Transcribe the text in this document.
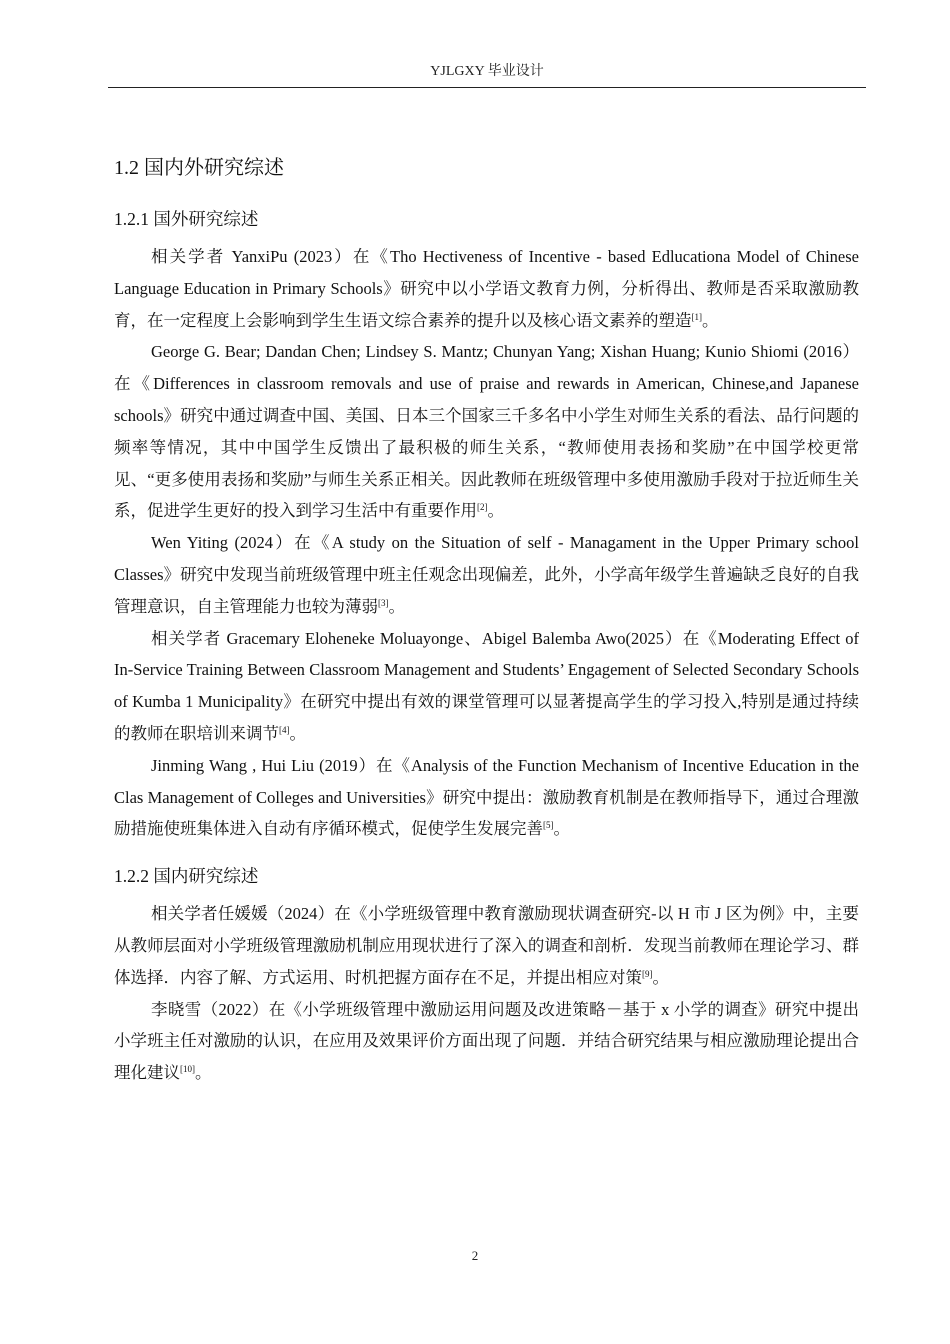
YJLGXY 毕业设计
1.2 国内外研究综述
1.2.1 国外研究综述

相关学者 YanxiPu (2023）在《Tho Hectiveness of Incentive - based Edlucationa Model of Chinese Language Education in Primary Schools》研究中以小学语文教育力例，分析得出、教师是否采取激励教育，在一定程度上会影响到学生生语文综合素养的提升以及核心语文素养的塑造[1]。

George G. Bear; Dandan Chen; Lindsey S. Mantz; Chunyan Yang; Xishan Huang; Kunio Shiomi (2016）在《Differences in classroom removals and use of praise and rewards in American, Chinese,and Japanese schools》研究中通过调查中国、美国、日本三个国家三千多名中小学生对师生关系的看法、品行问题的频率等情况，其中中国学生反馈出了最积极的师生关系，“教师使用表扬和奖励”在中国学校更常见、“更多使用表扬和奖励”与师生关系正相关。因此教师在班级管理中多使用激励手段对于拉近师生关系，促进学生更好的投入到学习生活中有重要作用[2]。

Wen Yiting (2024）在《A study on the Situation of self - Managament in the Upper Primary school Classes》研究中发现当前班级管理中班主任观念出现偏差，此外，小学高年级学生普遍缺乏良好的自我管理意识，自主管理能力也较为薄弱[3]。

相关学者 Gracemary Eloheneke Moluayonge、Abigel Balemba Awo(2025）在《Moderating Effect of In-Service Training Between Classroom Management and Students’ Engagement of Selected Secondary Schools of Kumba 1 Municipality》在研究中提出有效的课堂管理可以显著提高学生的学习投入,特别是通过持续的教师在职培训来调节[4]。

Jinming Wang , Hui Liu (2019）在《Analysis of the Function Mechanism of Incentive Education in the Clas Management of Colleges and Universities》研究中提出：激励教育机制是在教师指导下，通过合理激励措施使班集体进入自动有序循环模式，促使学生发展完善[5]。

1.2.2 国内研究综述

相关学者任媛媛（2024）在《小学班级管理中教育激励现状调查研究-以 H 市 J 区为例》中，主要从教师层面对小学班级管理激励机制应用现状进行了深入的调查和剖析．发现当前教师在理论学习、群体选择．内容了解、方式运用、时机把握方面存在不足，并提出相应对策[9]。

李晓雪（2022）在《小学班级管理中激励运用问题及改进策略－基于 x 小学的调查》研究中提出小学班主任对激励的认识，在应用及效果评价方面出现了问题．并结合研究结果与相应激励理论提出合理化建议[10]。

2
